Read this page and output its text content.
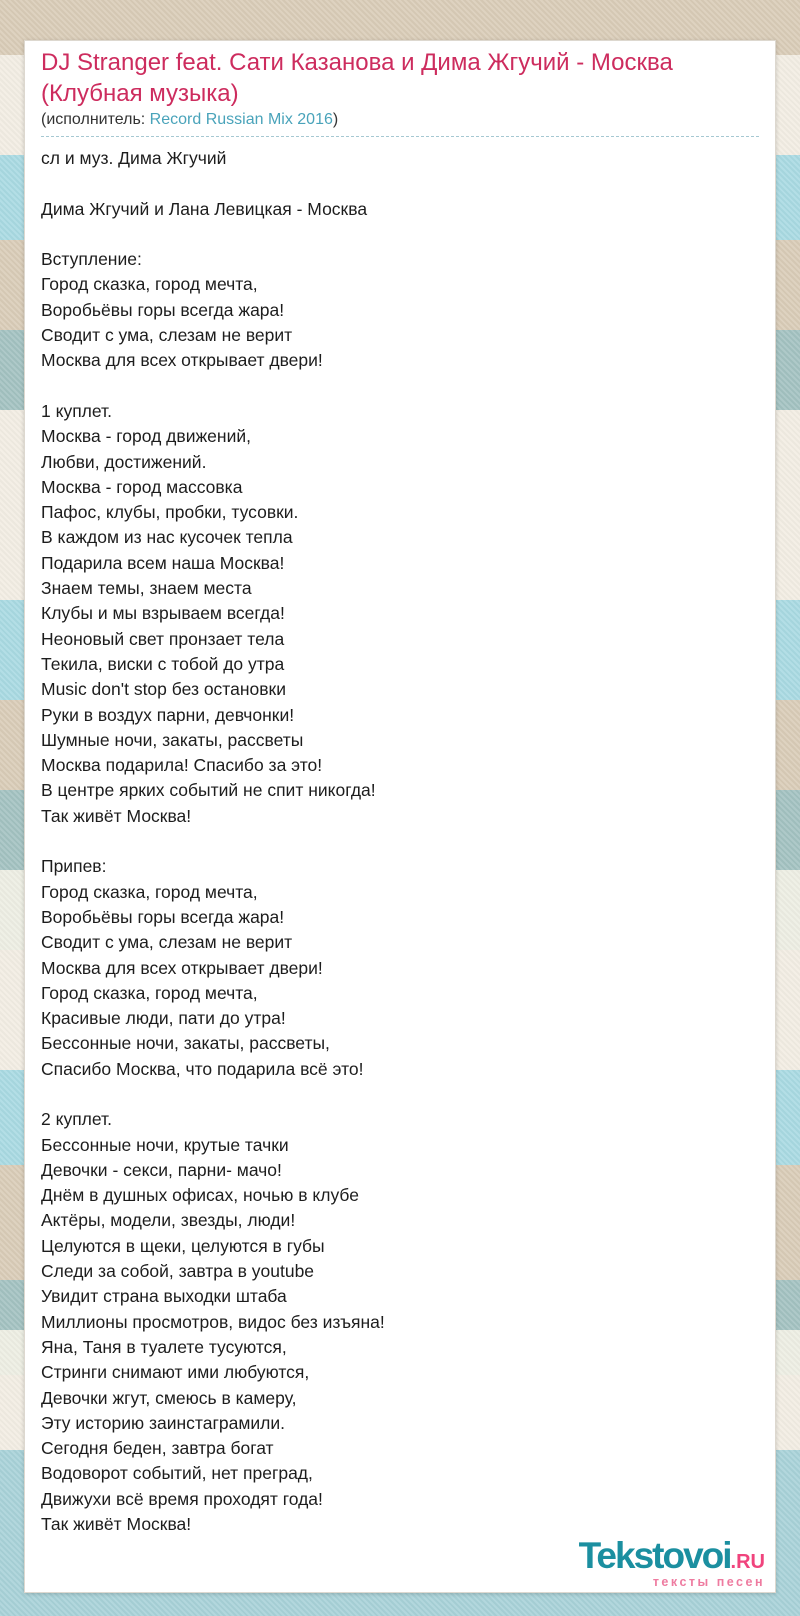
DJ Stranger feat. Сати Казанова и Дима Жгучий - Москва (Клубная музыка)

(исполнитель: Record Russian Mix 2016)

сл и муз. Дима Жгучий

Дима Жгучий и Лана Левицкая - Москва

Вступление:
Город сказка, город мечта,
Воробьёвы горы всегда жара!
Сводит с ума, слезам не верит
Москва для всех открывает двери!

1 куплет.
Москва - город движений,
Любви, достижений.
Москва - город массовка
Пафос, клубы, пробки, тусовки.
В каждом из нас кусочек тепла
Подарила всем наша Москва!
Знаем темы, знаем места
Клубы и мы взрываем всегда!
Неоновый свет пронзает тела
Текила, виски с тобой до утра
Music don't stop без остановки
Руки в воздух парни, девчонки!
Шумные ночи, закаты, рассветы
Москва подарила! Спасибо за это!
В центре ярких событий не спит никогда!
Так живёт Москва!

Припев:
Город сказка, город мечта,
Воробьёвы горы всегда жара!
Сводит с ума, слезам не верит
Москва для всех открывает двери!
Город сказка, город мечта,
Красивые люди, пати до утра!
Бессонные ночи, закаты, рассветы,
Спасибо Москва, что подарила всё это!

2 куплет.
Бессонные ночи, крутые тачки
Девочки - секси, парни- мачо!
Днём в душных офисах, ночью в клубе
Актёры, модели, звезды, люди!
Целуются в щеки, целуются в губы
Следи за собой, завтра в youtube
Увидит страна выходки штаба
Миллионы просмотров, видос без изъяна!
Яна, Таня в туалете тусуются,
Стринги снимают ими любуются,
Девочки жгут, смеюсь в камеру,
Эту историю заинстаграмили.
Сегодня беден, завтра богат
Водоворот событий, нет преград,
Движухи всё время проходят года!
Так живёт Москва!
Tekstovoi.RU
тексты песен
